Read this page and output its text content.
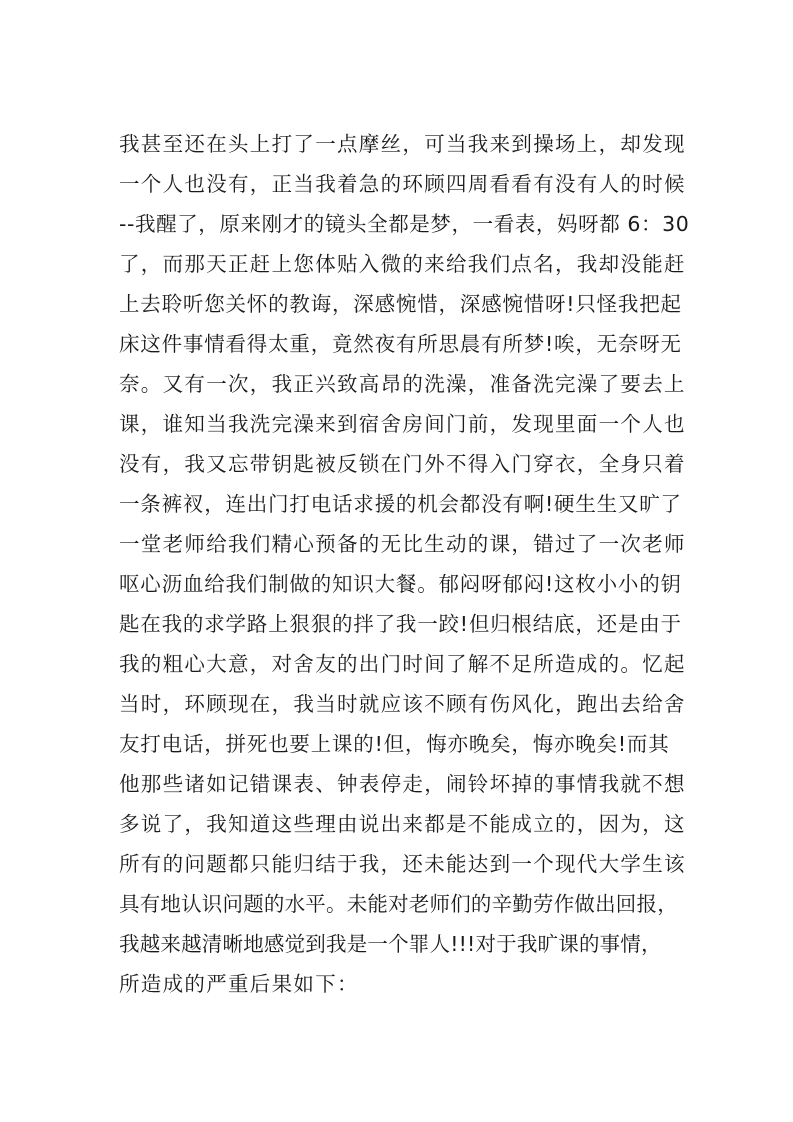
我甚至还在头上打了一点摩丝，可当我来到操场上，却发现
一个人也没有，正当我着急的环顾四周看看有没有人的时候
--我醒了，原来刚才的镜头全都是梦，一看表，妈呀都 6：30
了，而那天正赶上您体贴入微的来给我们点名，我却没能赶
上去聆听您关怀的教诲，深感惋惜，深感惋惜呀!只怪我把起
床这件事情看得太重，竟然夜有所思晨有所梦!唉，无奈呀无
奈。又有一次，我正兴致高昂的洗澡，准备洗完澡了要去上
课，谁知当我洗完澡来到宿舍房间门前，发现里面一个人也
没有，我又忘带钥匙被反锁在门外不得入门穿衣，全身只着
一条裤衩，连出门打电话求援的机会都没有啊!硬生生又旷了
一堂老师给我们精心预备的无比生动的课，错过了一次老师
呕心沥血给我们制做的知识大餐。郁闷呀郁闷!这枚小小的钥
匙在我的求学路上狠狠的拌了我一跤!但归根结底，还是由于
我的粗心大意，对舍友的出门时间了解不足所造成的。忆起
当时，环顾现在，我当时就应该不顾有伤风化，跑出去给舍
友打电话，拼死也要上课的!但，悔亦晚矣，悔亦晚矣!而其
他那些诸如记错课表、钟表停走，闹铃坏掉的事情我就不想
多说了，我知道这些理由说出来都是不能成立的，因为，这
所有的问题都只能归结于我，还未能达到一个现代大学生该
具有地认识问题的水平。未能对老师们的辛勤劳作做出回报，
我越来越清晰地感觉到我是一个罪人!!!对于我旷课的事情，
所造成的严重后果如下：
